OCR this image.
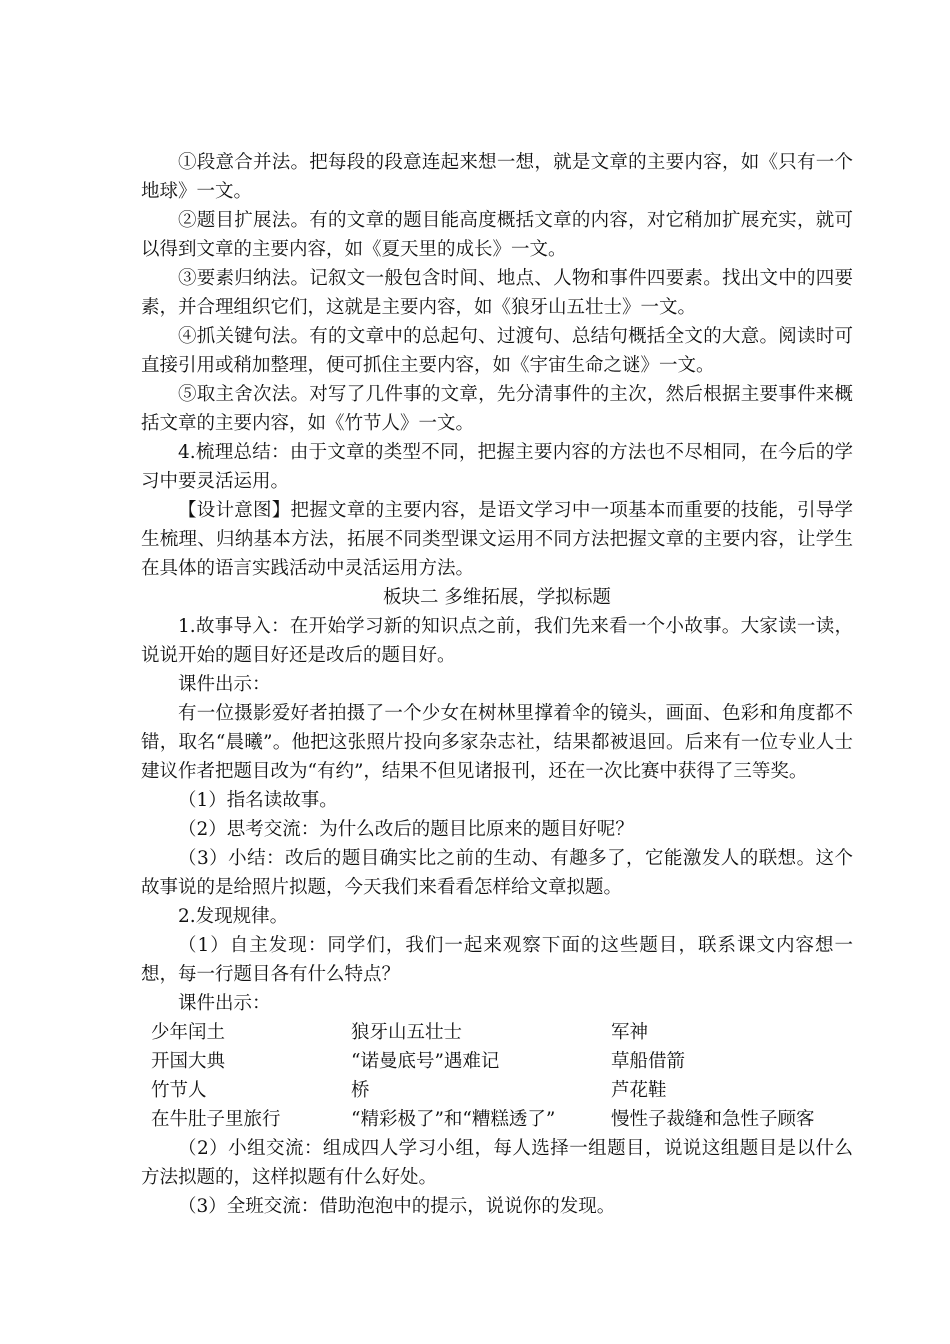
①段意合并法。把每段的段意连起来想一想，就是文章的主要内容，如《只有一个地球》一文。

②题目扩展法。有的文章的题目能高度概括文章的内容，对它稍加扩展充实，就可以得到文章的主要内容，如《夏天里的成长》一文。

③要素归纳法。记叙文一般包含时间、地点、人物和事件四要素。找出文中的四要素，并合理组织它们，这就是主要内容，如《狼牙山五壮士》一文。

④抓关键句法。有的文章中的总起句、过渡句、总结句概括全文的大意。阅读时可直接引用或稍加整理，便可抓住主要内容，如《宇宙生命之谜》一文。

⑤取主舍次法。对写了几件事的文章，先分清事件的主次，然后根据主要事件来概括文章的主要内容，如《竹节人》一文。

4.梳理总结：由于文章的类型不同，把握主要内容的方法也不尽相同，在今后的学习中要灵活运用。

【设计意图】把握文章的主要内容，是语文学习中一项基本而重要的技能，引导学生梳理、归纳基本方法，拓展不同类型课文运用不同方法把握文章的主要内容，让学生在具体的语言实践活动中灵活运用方法。

板块二 多维拓展，学拟标题

1.故事导入：在开始学习新的知识点之前，我们先来看一个小故事。大家读一读，说说开始的题目好还是改后的题目好。

课件出示：

有一位摄影爱好者拍摄了一个少女在树林里撑着伞的镜头，画面、色彩和角度都不错，取名“晨曦”。他把这张照片投向多家杂志社，结果都被退回。后来有一位专业人士建议作者把题目改为“有约”，结果不但见诸报刊，还在一次比赛中获得了三等奖。

（1）指名读故事。

（2）思考交流：为什么改后的题目比原来的题目好呢？

（3）小结：改后的题目确实比之前的生动、有趣多了，它能激发人的联想。这个故事说的是给照片拟题，今天我们来看看怎样给文章拟题。

2.发现规律。

（1）自主发现：同学们，我们一起来观察下面的这些题目，联系课文内容想一想，每一行题目各有什么特点？

课件出示：

少年闰土	狼牙山五壮士	军神
开国大典	“诺曼底号”遇难记	草船借箭
竹节人	桥	芦花鞋
在牛肚子里旅行	“精彩极了”和“糟糕透了”	慢性子裁缝和急性子顾客

（2）小组交流：组成四人学习小组，每人选择一组题目，说说这组题目是以什么方法拟题的，这样拟题有什么好处。

（3）全班交流：借助泡泡中的提示，说说你的发现。
